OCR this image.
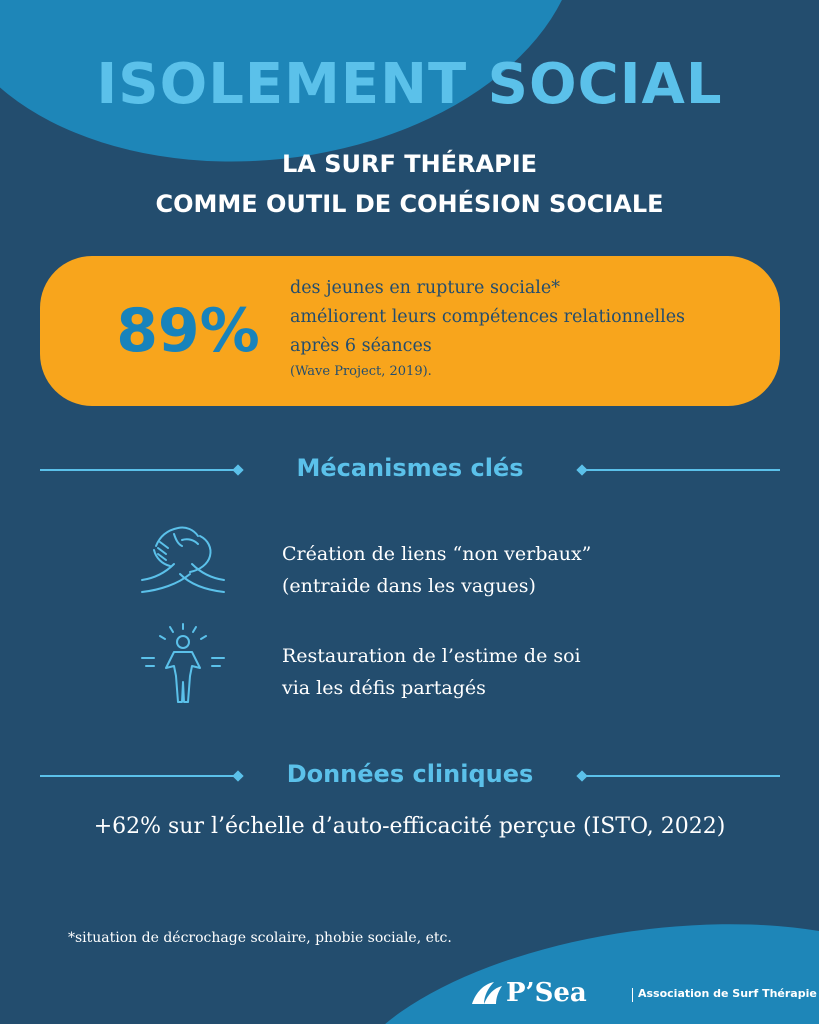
ISOLEMENT SOCIAL
LA SURF THÉRAPIE
COMME OUTIL DE COHÉSION SOCIALE
89%
des jeunes en rupture sociale*
améliorent leurs compétences relationnelles
après 6 séances
(Wave Project, 2019).
Mécanismes clés
Création de liens “non verbaux”
(entraide dans les vagues)
Restauration de l’estime de soi
via les défis partagés
Données cliniques
+62% sur l’échelle d’auto-efficacité perçue (ISTO, 2022)
*situation de décrochage scolaire, phobie sociale, etc.
P’Sea	Association de Surf Thérapie
